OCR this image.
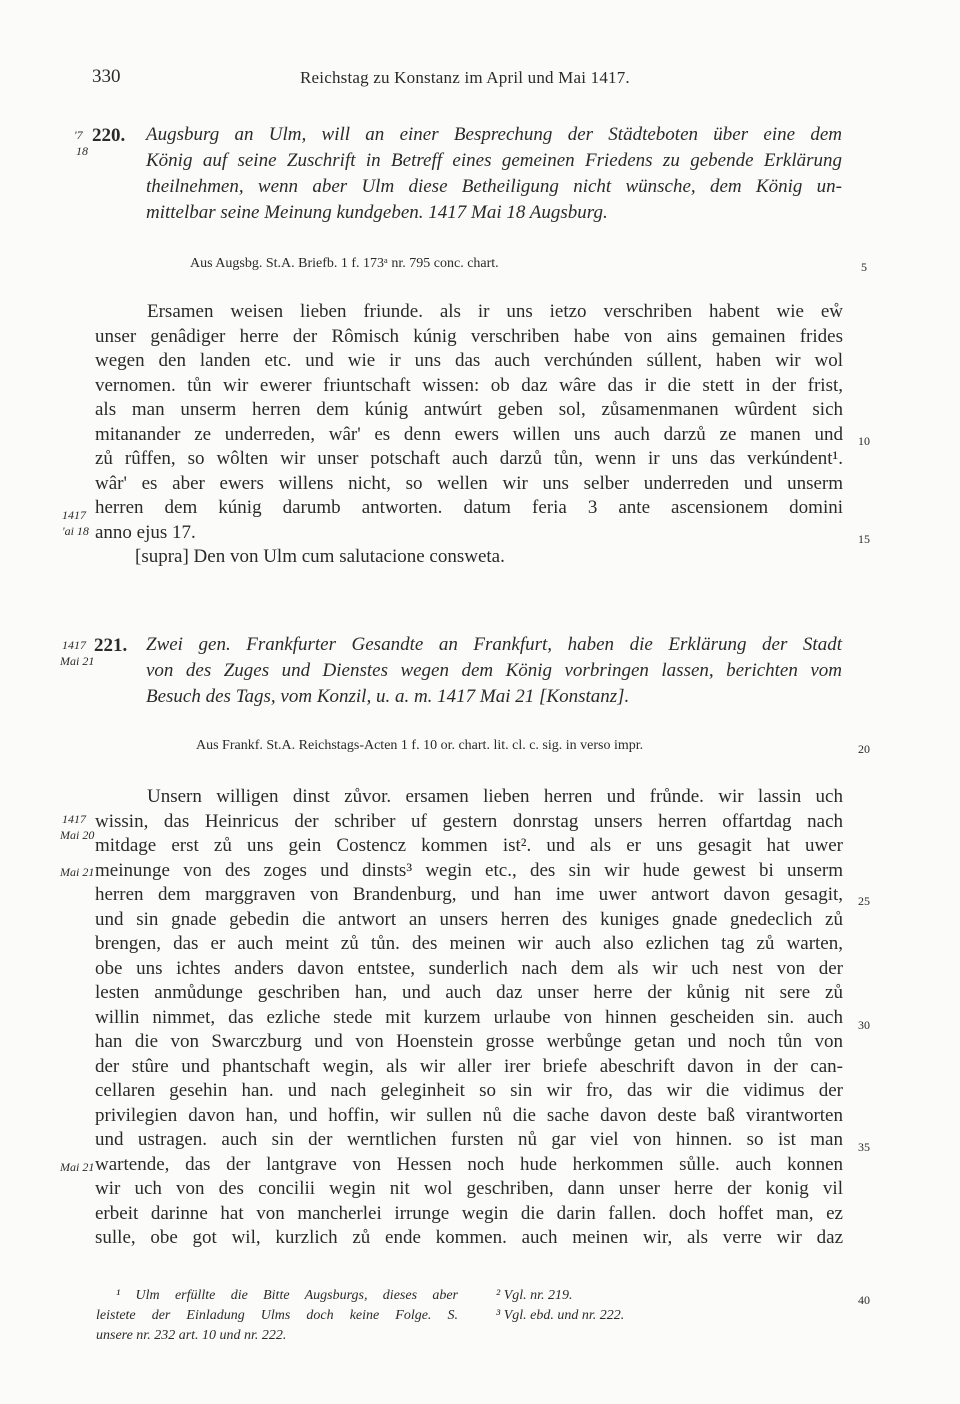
330	Reichstag zu Konstanz im April und Mai 1417.
'7
18
220. Augsburg an Ulm, will an einer Besprechung der Städteboten über eine dem
König auf seine Zuschrift in Betreff eines gemeinen Friedens zu gebende Erklärung
theilnehmen, wenn aber Ulm diese Betheiligung nicht wünsche, dem König un-
mittelbar seine Meinung kundgeben. 1417 Mai 18 Augsburg.
Aus Augsbg. St.A. Briefb. 1 f. 173ᵃ nr. 795 conc. chart.
Ersamen weisen lieben friunde. als ir uns ietzo verschriben habent wie eẘ
unser genâdiger herre der Rômisch kúnig verschriben habe von ains gemainen frides
wegen den landen etc. und wie ir uns das auch verchúnden súllent, haben wir wol
vernomen. tůn wir ewerer friuntschaft wissen: ob daz wâre das ir die stett in der frist,
als man unserm herren dem kúnig antwúrt geben sol, zůsamenmanen wûrdent sich
mitanander ze underreden, wâr' es denn ewers willen uns auch darzů ze manen und
zů rûffen, so wôlten wir unser potschaft auch darzů tůn, wenn ir uns das verkúndent¹.
wâr' es aber ewers willens nicht, so wellen wir uns selber underreden und unserm
herren dem kúnig darumb antworten. datum feria 3 ante ascensionem domini
anno ejus 17.
[supra] Den von Ulm cum salutacione consweta.
1417
'ai 18
1417
Mai 21
221. Zwei gen. Frankfurter Gesandte an Frankfurt, haben die Erklärung der Stadt
von des Zuges und Dienstes wegen dem König vorbringen lassen, berichten vom
Besuch des Tags, vom Konzil, u. a. m. 1417 Mai 21 [Konstanz].
Aus Frankf. St.A. Reichstags-Acten 1 f. 10 or. chart. lit. cl. c. sig. in verso impr.
Unsern willigen dinst zůvor. ersamen lieben herren und frůnde. wir lassin uch
wissin, das Heinricus der schriber uf gestern donrstag unsers herren offartdag nach
mitdage erst zů uns gein Costencz kommen ist². und als er uns gesagit hat uwer
meinunge von des zoges und dinsts³ wegin etc., des sin wir hude gewest bi unserm
herren dem marggraven von Brandenburg, und han ime uwer antwort davon gesagit,
und sin gnade gebedin die antwort an unsers herren des kuniges gnade gnedeclich zů
brengen, das er auch meint zů tůn. des meinen wir auch also ezlichen tag zů warten,
obe uns ichtes anders davon entstee, sunderlich nach dem als wir uch nest von der
lesten anmůdunge geschriben han, und auch daz unser herre der kůnig nit sere zů
willin nimmet, das ezliche stede mit kurzem urlaube von hinnen gescheiden sin. auch
han die von Swarczburg und von Hoenstein grosse werbůnge getan und noch tůn von
der stûre und phantschaft wegin, als wir aller irer briefe abeschrift davon in der can-
cellaren gesehin han. und nach geleginheit so sin wir fro, das wir die vidimus der
privilegien davon han, und hoffin, wir sullen nů die sache davon deste baß virantworten
und ustragen. auch sin der werntlichen fursten nů gar viel von hinnen. so ist man
wartende, das der lantgrave von Hessen noch hude herkommen sůlle. auch konnen
wir uch von des concilii wegin nit wol geschriben, dann unser herre der konig vil
erbeit darinne hat von mancherlei irrunge wegin die darin fallen. doch hoffet man, ez
sulle, obe got wil, kurzlich zů ende kommen. auch meinen wir, als verre wir daz
1417
Mai 20
Mai 21
Mai 21
5
10
15
20
25
30
35
40
¹ Ulm erfüllte die Bitte Augsburgs, dieses aber
leistete der Einladung Ulms doch keine Folge. S.
unsere nr. 232 art. 10 und nr. 222.
² Vgl. nr. 219.
³ Vgl. ebd. und nr. 222.
